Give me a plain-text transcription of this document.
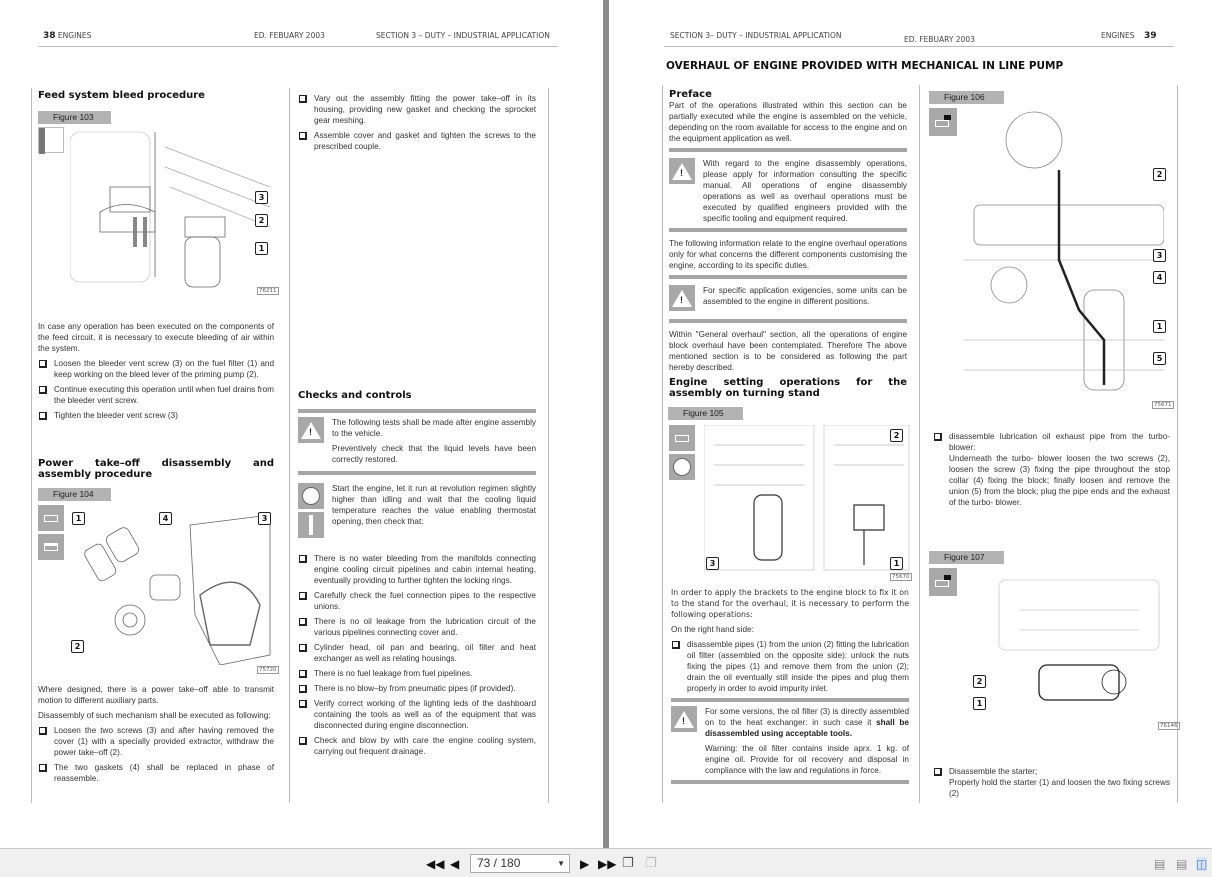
38 ENGINES	ED. FEBUARY 2003	SECTION 3 – DUTY – INDUSTRIAL APPLICATION
Feed system bleed procedure
Figure 103
3
2
1
76211

In case any operation has been executed on the components of the feed circuit, it is necessary to execute bleeding of air within the system.

Loosen the bleeder vent screw (3) on the fuel filter (1) and keep working on the bleed lever of the priming pump (2).
Continue executing this operation until when fuel drains from the bleeder vent screw.
Tighten the bleeder vent screw (3)
Power take–off disassembly and assembly procedure
Figure 104
1	4	3
2
75720

Where designed, there is a power take–off able to transmit motion to different auxiliary parts.

Disassembly of such mechanism shall be executed as following:

Loosen the two screws (3) and after having removed the cover (1) with a specially provided extractor, withdraw the power take–off (2).
The two gaskets (4) shall be replaced in phase of reassemble.
Vary out the assembly fitting the power take–off in its housing, providing new gasket and checking the sprocket gear meshing.
Assemble cover and gasket and tighten the screws to the prescribed couple.
Checks and controls
!

The following tests shall be made after engine assembly to the vehicle.

Preventively check that the liquid levels have been correctly restored.

Start the engine, let it run at revolution regimen slightly higher than idling and wait that the cooling liquid temperature reaches the value enabling thermostat opening, then check that:

There is no water bleeding from the manifolds connecting engine cooling circuit pipelines and cabin internal heating, eventually providing to further tighten the locking rings.
Carefully check the fuel connection pipes to the respective unions.
There is no oil leakage from the lubrication circuit of the various pipelines connecting cover and.
Cylinder head, oil pan and bearing, oil filter and heat exchanger as well as relating housings.
There is no fuel leakage from fuel pipelines.
There is no blow–by from pneumatic pipes (if provided).
Verify correct working of the lighting leds of the dashboard containing the tools as well as of the equipment that was disconnected during engine disconnection.
Check and blow by with care the engine cooling system, carrying out frequent drainage.
SECTION 3– DUTY – INDUSTRIAL APPLICATION	ED. FEBUARY 2003	ENGINES 39
OVERHAUL OF ENGINE PROVIDED WITH MECHANICAL IN LINE PUMP
Preface

Part of the operations illustrated within this section can be partially executed while the engine is assembled on the vehicle, depending on the room available for access to the engine and on the equipment application as well.

!

With regard to the engine disassembly operations, please apply for information consulting the specific manual. All operations of engine disassembly operations as well as overhaul operations must be executed by qualified engineers provided with the specific tooling and equipment required.

The following information relate to the engine overhaul operations only for what concerns the different components customising the engine, according to its specific duties.

!

For specific application exigencies, some units can be assembled to the engine in different positions.

Within "General overhaul" section, all the operations of engine block overhaul have been contemplated. Therefore The above mentioned section is to be considered as following the part hereby described.

Engine setting operations for the assembly on turning stand
Figure 105
2
3	1
75670

In order to apply the brackets to the engine block to fix it on to the stand for the overhaul, it is necessary to perform the following operations:

On the right hand side:

disassemble pipes (1) from the union (2) fitting the lubrication oil filter (assembled on the opposite side): unlock the nuts fixing the pipes (1) and remove them from the union (2); drain the oil eventually still inside the pipes and plug them properly in order to avoid impurity inlet.
!

For some versions, the oil filter (3) is directly assembled on to the heat exchanger: in such case it shall be disassembled using acceptable tools.

Warning: the oil filter contains inside aprx. 1 kg. of engine oil. Provide for oil recovery and disposal in compliance with the law and regulations in force.

Figure 106
2
3
4
1
5
75671
disassemble lubrication oil exhaust pipe from the turbo-blower:
Underneath the turbo- blower loosen the two screws (2), loosen the screw (3) fixing the pipe throughout the stop collar (4) fixing the block; finally loosen and remove the union (5) from the block; plug the pipe ends and the exhaust of the turbo- blower.
Figure 107
2
1
76146
Disassemble the starter;
Properly hold the starter (1) and loosen the two fixing screws (2)
◀◀ ◀	73 / 180	▼ ▶ ▶▶ ❐ ❐	▤ ▤ ◫
